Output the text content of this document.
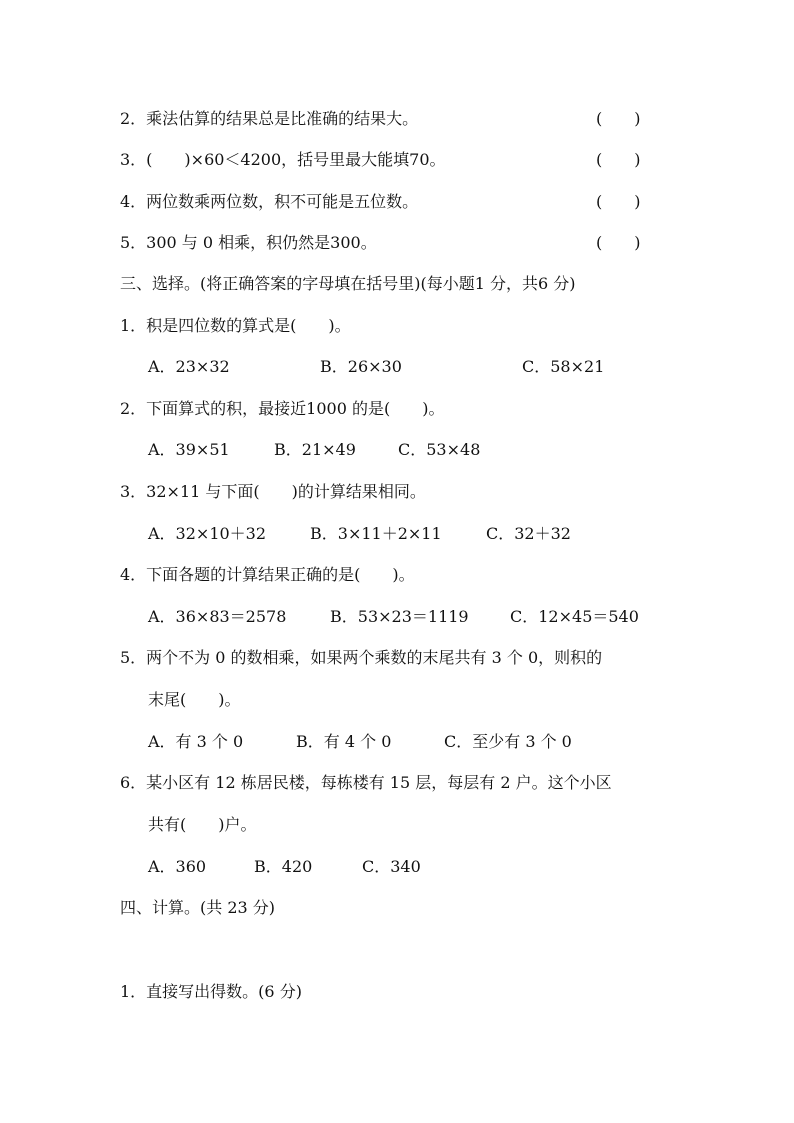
2．乘法估算的结果总是比准确的结果大。	(　　)
3．(　　)×60＜4200，括号里最大能填70。	(　　)
4．两位数乘两位数，积不可能是五位数。	(　　)
5．300 与 0 相乘，积仍然是300。	(　　)
三、选择。(将正确答案的字母填在括号里)(每小题1 分，共6 分)
1．积是四位数的算式是(　　)。
A．23×32	B．26×30	C．58×21
2．下面算式的积，最接近1000 的是(　　)。
A．39×51	B．21×49	C．53×48
3．32×11 与下面(　　)的计算结果相同。
A．32×10＋32	B．3×11＋2×11	C．32＋32
4．下面各题的计算结果正确的是(　　)。
A．36×83＝2578	B．53×23＝1119	C．12×45＝540
5．两个不为 0 的数相乘，如果两个乘数的末尾共有 3 个 0，则积的
末尾(　　)。
A．有 3 个 0	B．有 4 个 0	C．至少有 3 个 0
6．某小区有 12 栋居民楼，每栋楼有 15 层，每层有 2 户。这个小区
共有(　　)户。
A．360	B．420	C．340
四、计算。(共 23 分)
1．直接写出得数。(6 分)
